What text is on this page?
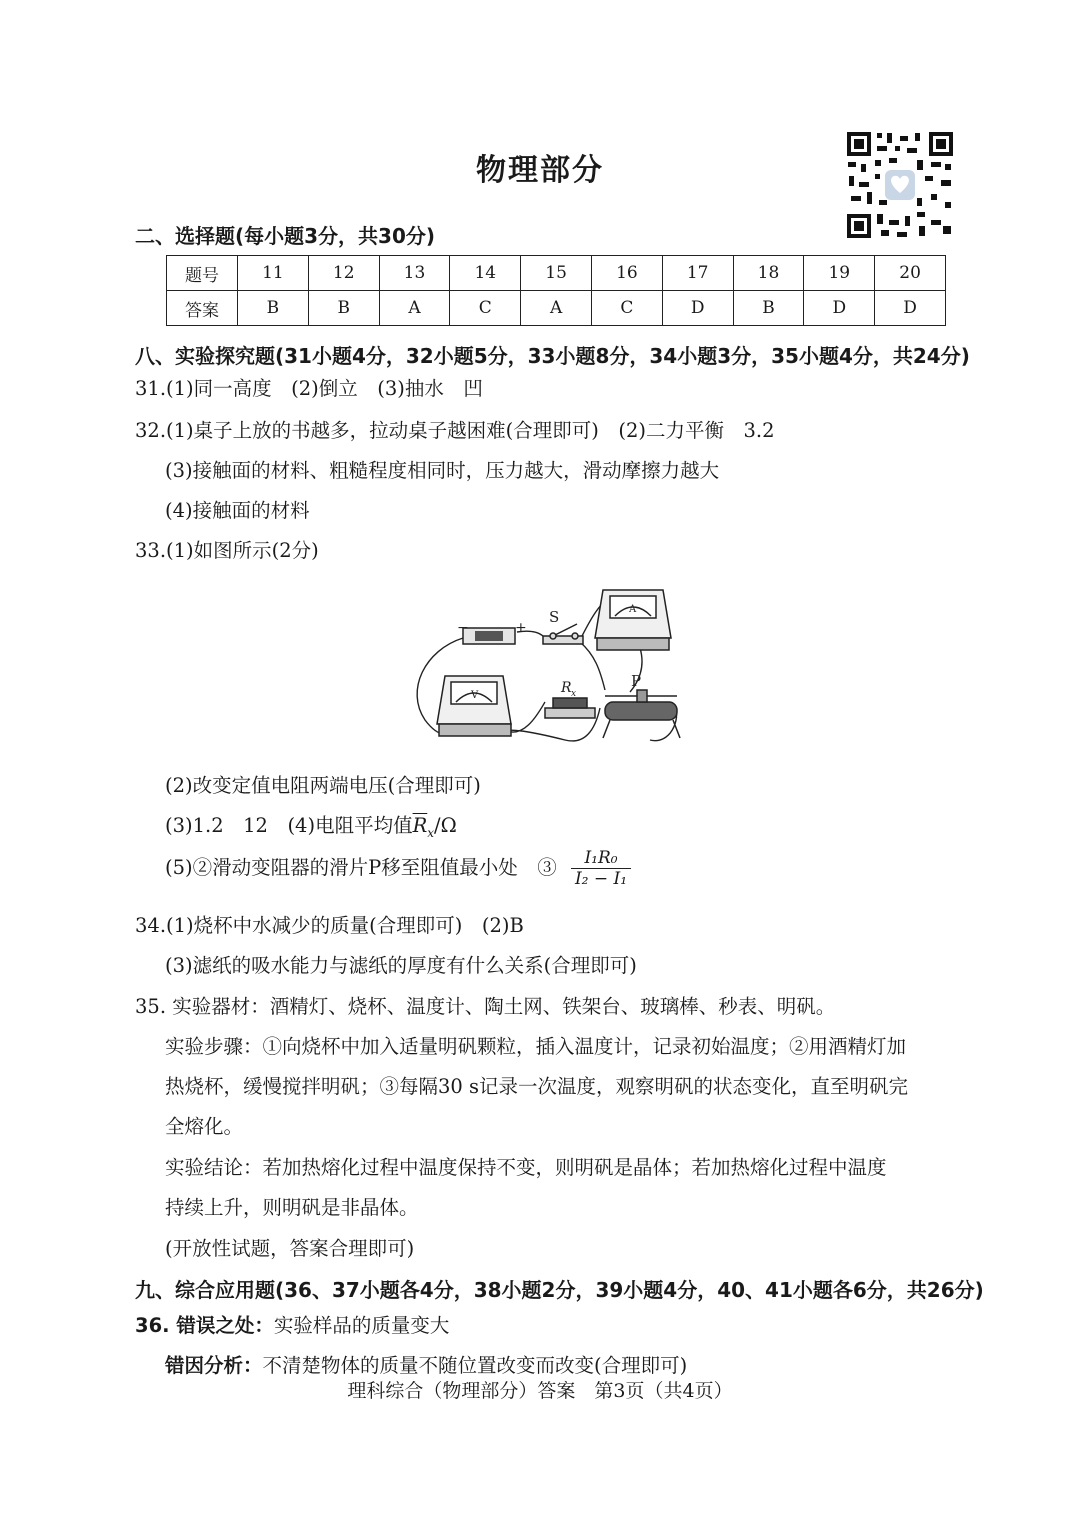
物理部分
二、选择题(每小题3分，共30分)
题号	11	12	13	14	15	16	17	18	19	20
答案	B	B	A	C	A	C	D	B	D	D
八、实验探究题(31小题4分，32小题5分，33小题8分，34小题3分，35小题4分，共24分)
31.(1)同一高度　(2)倒立　(3)抽水　凹
32.(1)桌子上放的书越多，拉动桌子越困难(合理即可)　(2)二力平衡　3.2
(3)接触面的材料、粗糙程度相同时，压力越大，滑动摩擦力越大
(4)接触面的材料
33.(1)如图所示(2分)
−	+
S	A
V	R x
P
(2)改变定值电阻两端电压(合理即可)
(3)1.2　12　(4)电阻平均值$\overline{R}_x/\Omega$
(5)②滑动变阻器的滑片P移至阻值最小处　③ $\frac{\text{I₁R₀}}{\text{I₂ − I₁}}$
34.(1)烧杯中水减少的质量(合理即可)　(2)B
(3)滤纸的吸水能力与滤纸的厚度有什么关系(合理即可)
35. 实验器材：酒精灯、烧杯、温度计、陶土网、铁架台、玻璃棒、秒表、明矾。
实验步骤：①向烧杯中加入适量明矾颗粒，插入温度计，记录初始温度；②用酒精灯加
热烧杯，缓慢搅拌明矾；③每隔30 s记录一次温度，观察明矾的状态变化，直至明矾完
全熔化。
实验结论：若加热熔化过程中温度保持不变，则明矾是晶体；若加热熔化过程中温度
持续上升，则明矾是非晶体。
(开放性试题，答案合理即可)
九、综合应用题(36、37小题各4分，38小题2分，39小题4分，40、41小题各6分，共26分)
36. 错误之处：实验样品的质量变大
错因分析：不清楚物体的质量不随位置改变而改变(合理即可)
理科综合（物理部分）答案　第3页（共4页）
